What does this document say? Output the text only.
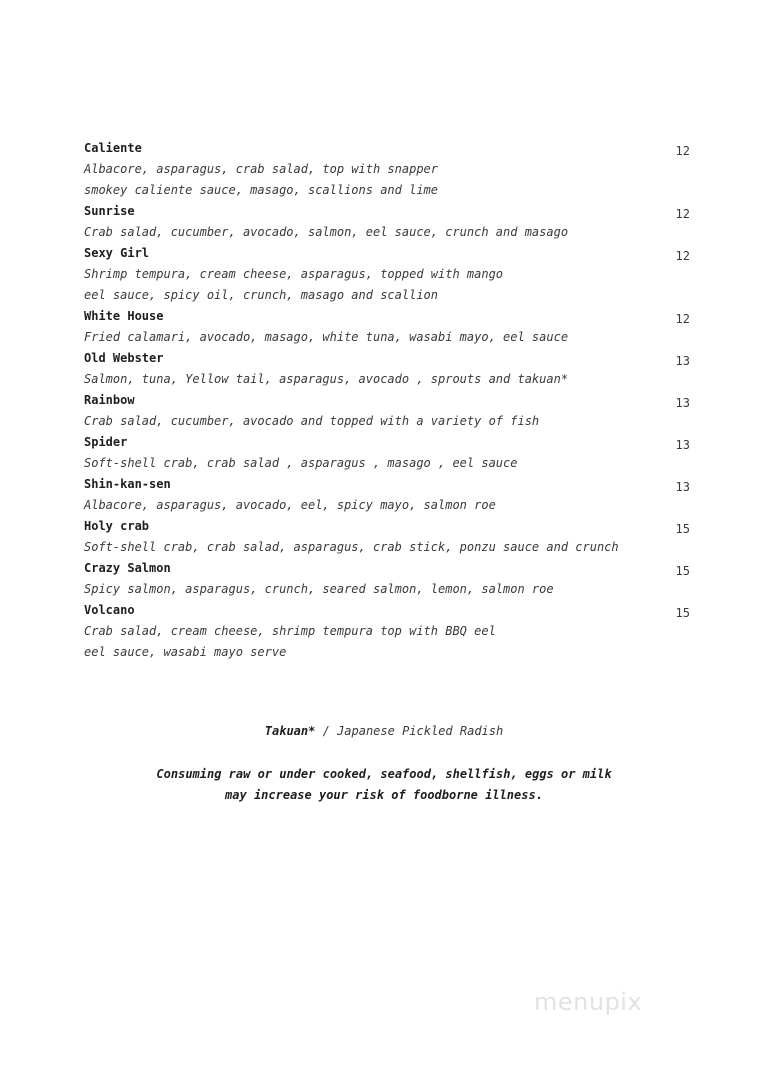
Caliente	12
Albacore, asparagus, crab salad, top with snapper
smokey caliente sauce, masago, scallions and lime
Sunrise	12
Crab salad, cucumber, avocado, salmon, eel sauce, crunch and masago
Sexy Girl	12
Shrimp tempura, cream cheese, asparagus, topped with mango
eel sauce, spicy oil, crunch, masago and scallion
White House	12
Fried calamari, avocado, masago, white tuna, wasabi mayo, eel sauce
Old Webster	13
Salmon, tuna, Yellow tail, asparagus, avocado , sprouts and takuan*
Rainbow	13
Crab salad, cucumber, avocado and topped with a variety of fish
Spider	13
Soft-shell crab, crab salad , asparagus , masago , eel sauce
Shin-kan-sen	13
Albacore, asparagus, avocado, eel, spicy mayo, salmon roe
Holy crab	15
Soft-shell crab, crab salad, asparagus, crab stick, ponzu sauce and crunch
Crazy Salmon	15
Spicy salmon, asparagus, crunch, seared salmon, lemon, salmon roe
Volcano	15
Crab salad, cream cheese, shrimp tempura top with BBQ eel
eel sauce, wasabi mayo serve
Takuan* / Japanese Pickled Radish
Consuming raw or under cooked, seafood, shellfish, eggs or milk
may increase your risk of foodborne illness.
menupix
